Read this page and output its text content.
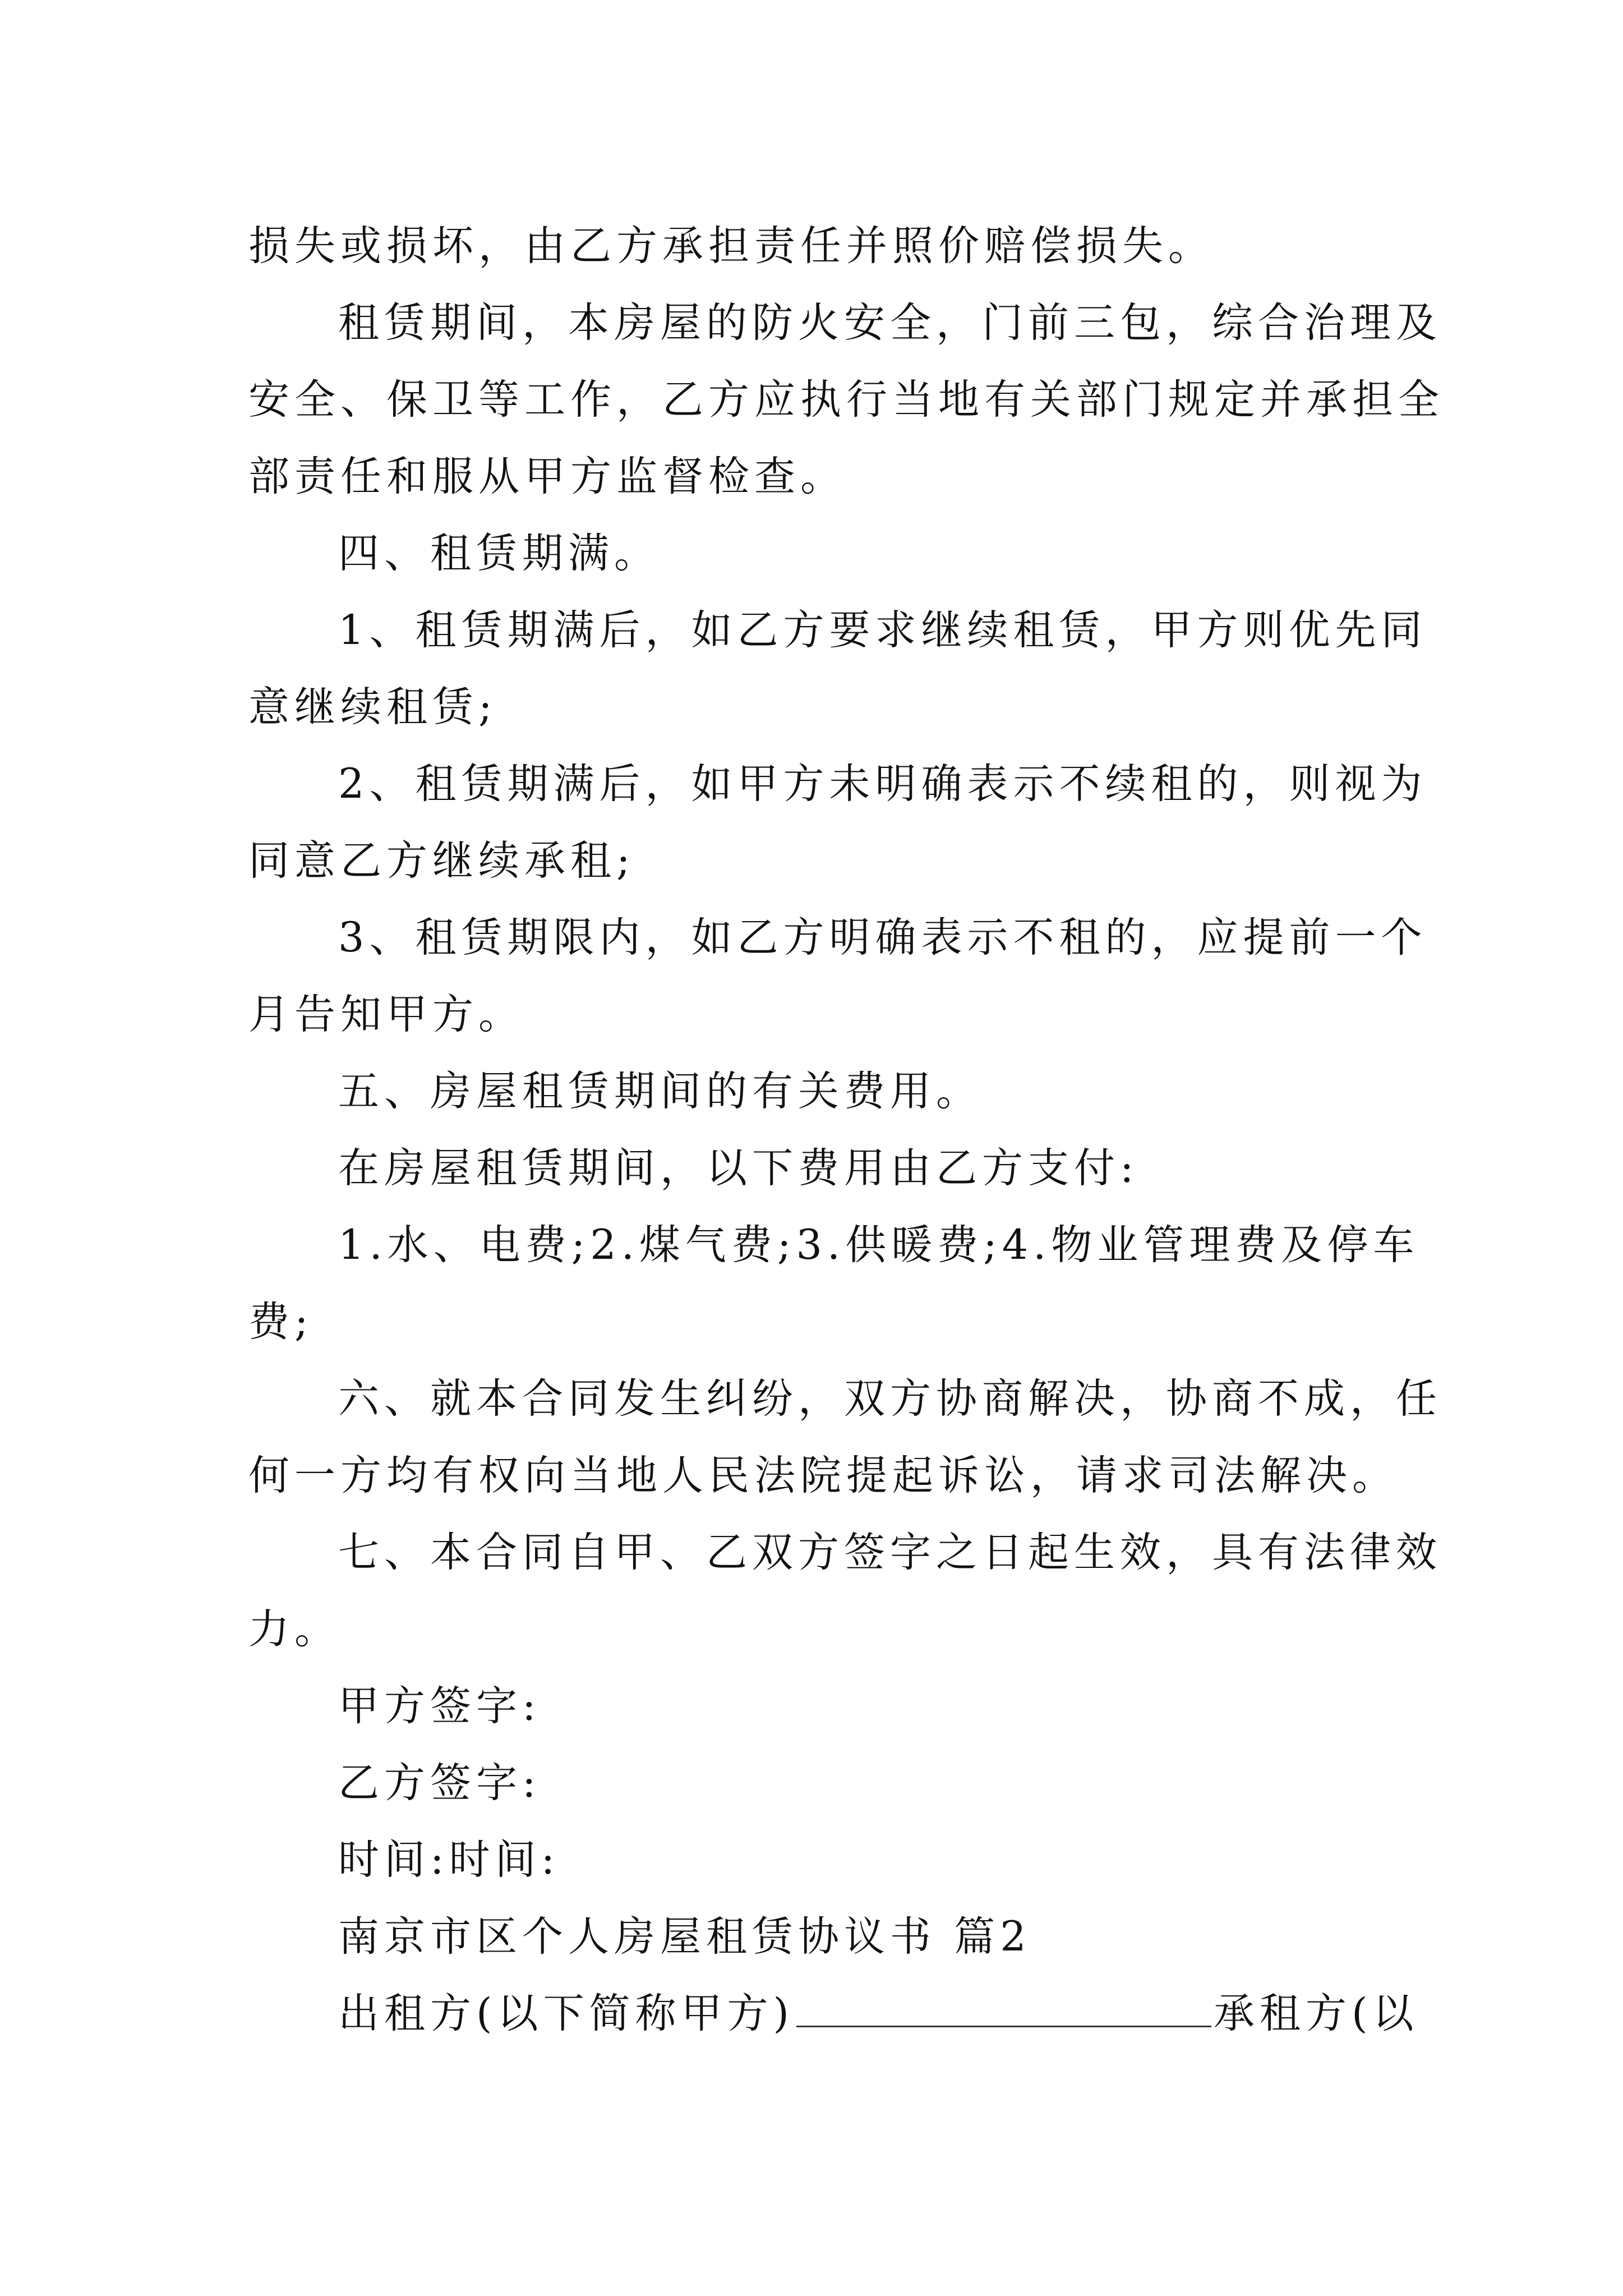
损失或损坏，由乙方承担责任并照价赔偿损失。
租赁期间，本房屋的防火安全，门前三包，综合治理及
安全、保卫等工作，乙方应执行当地有关部门规定并承担全
部责任和服从甲方监督检查。
四、租赁期满。
1、租赁期满后，如乙方要求继续租赁，甲方则优先同
意继续租赁;
2、租赁期满后，如甲方未明确表示不续租的，则视为
同意乙方继续承租;
3、租赁期限内，如乙方明确表示不租的，应提前一个
月告知甲方。
五、房屋租赁期间的有关费用。
在房屋租赁期间，以下费用由乙方支付:
1.水、电费;2.煤气费;3.供暖费;4.物业管理费及停车
费;
六、就本合同发生纠纷，双方协商解决，协商不成，任
何一方均有权向当地人民法院提起诉讼，请求司法解决。
七、本合同自甲、乙双方签字之日起生效，具有法律效
力。
甲方签字:
乙方签字:
时间:时间:
南京市区个人房屋租赁协议书 篇2
出租方(以下简称甲方)	承租方(以
